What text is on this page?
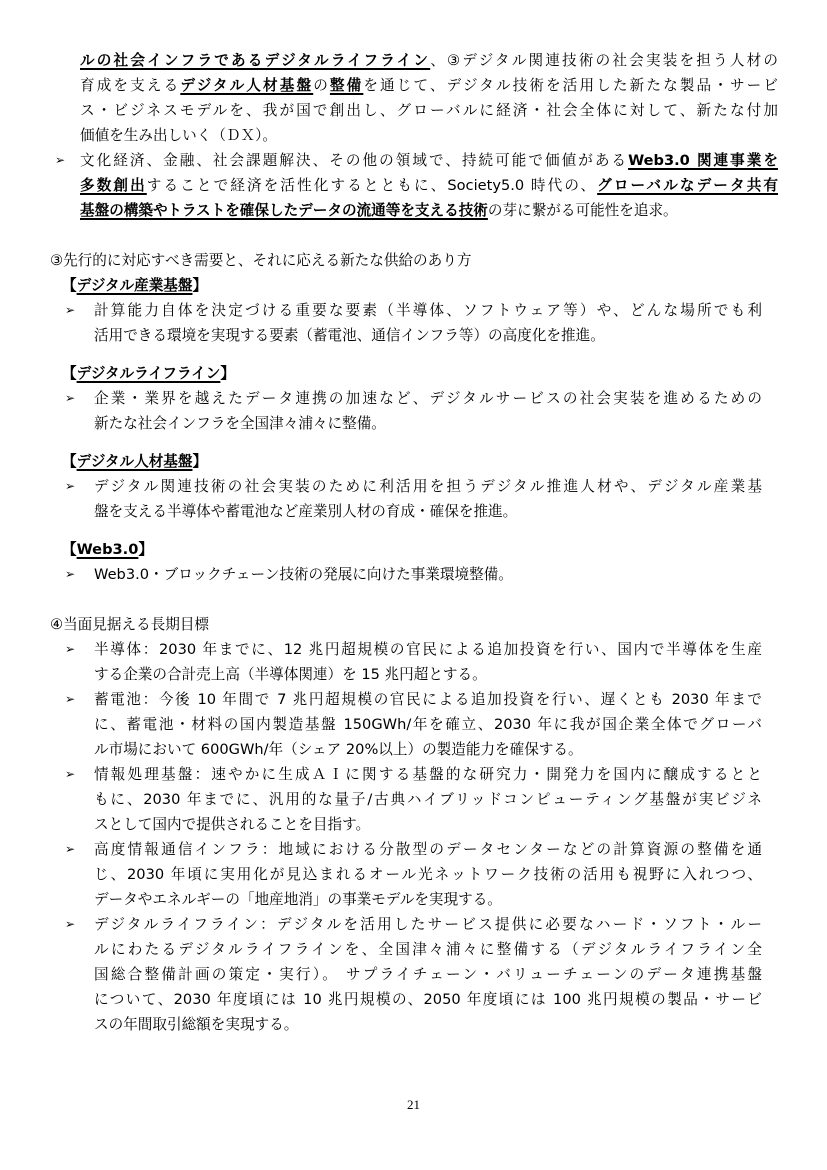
ルの社会インフラであるデジタルライフライン、③デジタル関連技術の社会実装を担う人材の
育成を支えるデジタル人材基盤の整備を通じて、デジタル技術を活用した新たな製品・サービ
ス・ビジネスモデルを、我が国で創出し、グローバルに経済・社会全体に対して、新たな付加
価値を生み出しいく（ＤＸ）。
➢ 文化経済、金融、社会課題解決、その他の領域で、持続可能で価値があるWeb3.0 関連事業を
多数創出することで経済を活性化するとともに、Society5.0 時代の、グローバルなデータ共有
基盤の構築やトラストを確保したデータの流通等を支える技術の芽に繋がる可能性を追求。
③先行的に対応すべき需要と、それに応える新たな供給のあり方
【デジタル産業基盤】
➢ 計算能力自体を決定づける重要な要素（半導体、ソフトウェア等）や、どんな場所でも利
活用できる環境を実現する要素（蓄電池、通信インフラ等）の高度化を推進。
【デジタルライフライン】
➢ 企業・業界を越えたデータ連携の加速など、デジタルサービスの社会実装を進めるための
新たな社会インフラを全国津々浦々に整備。
【デジタル人材基盤】
➢ デジタル関連技術の社会実装のために利活用を担うデジタル推進人材や、デジタル産業基
盤を支える半導体や蓄電池など産業別人材の育成・確保を推進。
【Web3.0】
➢ Web3.0・ブロックチェーン技術の発展に向けた事業環境整備。
④当面見据える長期目標
➢ 半導体：2030 年までに、12 兆円超規模の官民による追加投資を行い、国内で半導体を生産
する企業の合計売上高（半導体関連）を 15 兆円超とする。
➢ 蓄電池：今後 10 年間で 7 兆円超規模の官民による追加投資を行い、遅くとも 2030 年まで
に、蓄電池・材料の国内製造基盤 150GWh/年を確立、2030 年に我が国企業全体でグローバ
ル市場において 600GWh/年（シェア 20%以上）の製造能力を確保する。
➢ 情報処理基盤：速やかに生成ＡＩに関する基盤的な研究力・開発力を国内に醸成するとと
もに、2030 年までに、汎用的な量子/古典ハイブリッドコンピューティング基盤が実ビジネ
スとして国内で提供されることを目指す。
➢ 高度情報通信インフラ：地域における分散型のデータセンターなどの計算資源の整備を通
じ、2030 年頃に実用化が見込まれるオール光ネットワーク技術の活用も視野に入れつつ、
データやエネルギーの「地産地消」の事業モデルを実現する。
➢ デジタルライフライン：デジタルを活用したサービス提供に必要なハード・ソフト・ルー
ルにわたるデジタルライフラインを、全国津々浦々に整備する（デジタルライフライン全
国総合整備計画の策定・実行）。 サプライチェーン・バリューチェーンのデータ連携基盤
について、2030 年度頃には 10 兆円規模の、2050 年度頃には 100 兆円規模の製品・サービ
スの年間取引総額を実現する。
21
